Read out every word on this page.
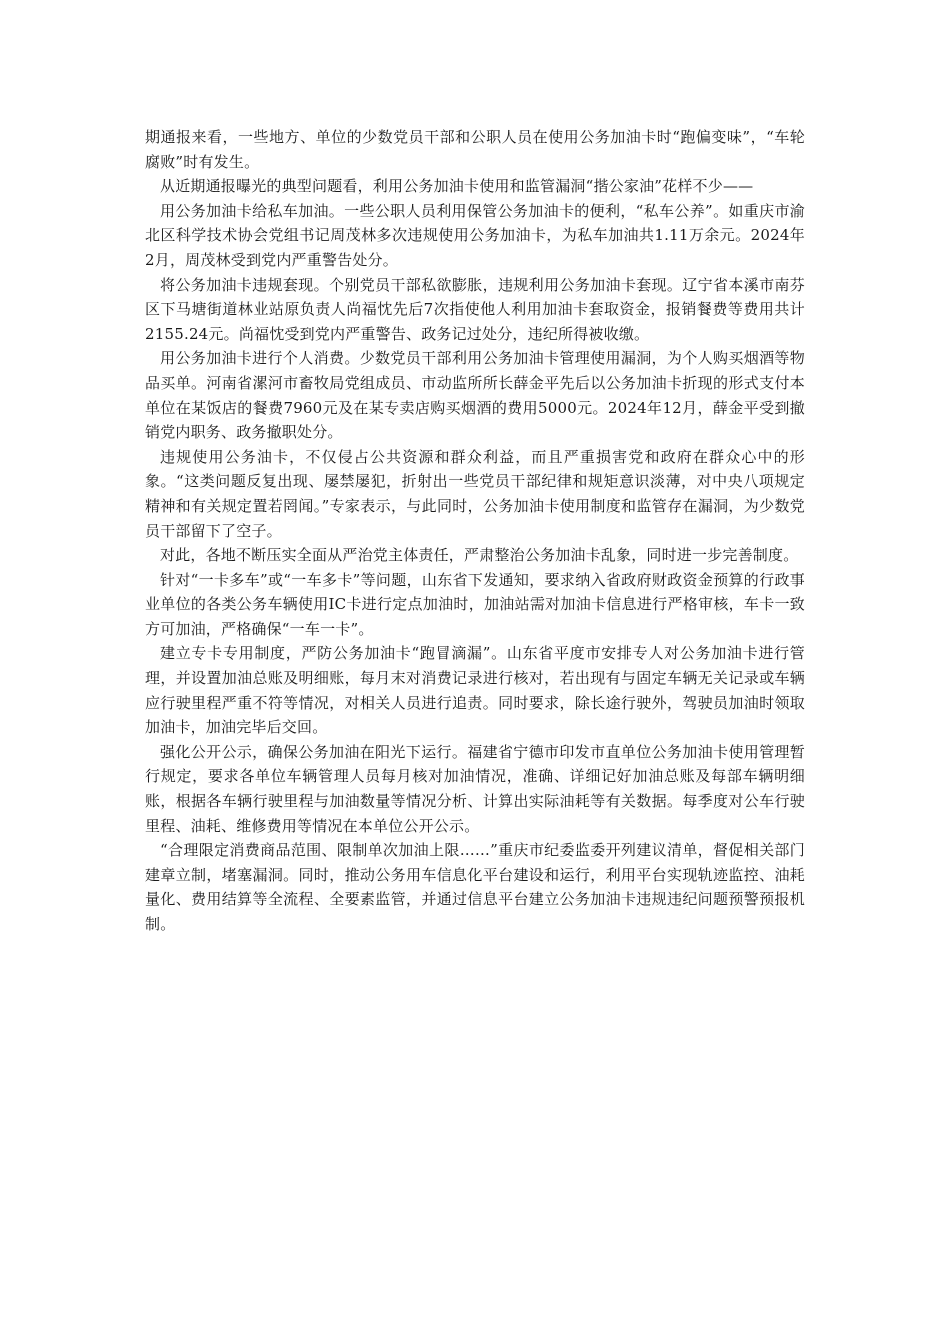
期通报来看，一些地方、单位的少数党员干部和公职人员在使用公务加油卡时“跑偏变味”，“车轮腐败”时有发生。

从近期通报曝光的典型问题看，利用公务加油卡使用和监管漏洞“揩公家油”花样不少——

用公务加油卡给私车加油。一些公职人员利用保管公务加油卡的便利，“私车公养”。如重庆市渝北区科学技术协会党组书记周茂林多次违规使用公务加油卡，为私车加油共1.11万余元。2024年2月，周茂林受到党内严重警告处分。

将公务加油卡违规套现。个别党员干部私欲膨胀，违规利用公务加油卡套现。辽宁省本溪市南芬区下马塘街道林业站原负责人尚福忱先后7次指使他人利用加油卡套取资金，报销餐费等费用共计2155.24元。尚福忱受到党内严重警告、政务记过处分，违纪所得被收缴。

用公务加油卡进行个人消费。少数党员干部利用公务加油卡管理使用漏洞，为个人购买烟酒等物品买单。河南省漯河市畜牧局党组成员、市动监所所长薛金平先后以公务加油卡折现的形式支付本单位在某饭店的餐费7960元及在某专卖店购买烟酒的费用5000元。2024年12月，薛金平受到撤销党内职务、政务撤职处分。

违规使用公务油卡，不仅侵占公共资源和群众利益，而且严重损害党和政府在群众心中的形象。“这类问题反复出现、屡禁屡犯，折射出一些党员干部纪律和规矩意识淡薄，对中央八项规定精神和有关规定置若罔闻。”专家表示，与此同时，公务加油卡使用制度和监管存在漏洞，为少数党员干部留下了空子。

对此，各地不断压实全面从严治党主体责任，严肃整治公务加油卡乱象，同时进一步完善制度。

针对“一卡多车”或“一车多卡”等问题，山东省下发通知，要求纳入省政府财政资金预算的行政事业单位的各类公务车辆使用IC卡进行定点加油时，加油站需对加油卡信息进行严格审核，车卡一致方可加油，严格确保“一车一卡”。

建立专卡专用制度，严防公务加油卡“跑冒滴漏”。山东省平度市安排专人对公务加油卡进行管理，并设置加油总账及明细账，每月末对消费记录进行核对，若出现有与固定车辆无关记录或车辆应行驶里程严重不符等情况，对相关人员进行追责。同时要求，除长途行驶外，驾驶员加油时领取加油卡，加油完毕后交回。

强化公开公示，确保公务加油在阳光下运行。福建省宁德市印发市直单位公务加油卡使用管理暂行规定，要求各单位车辆管理人员每月核对加油情况，准确、详细记好加油总账及每部车辆明细账，根据各车辆行驶里程与加油数量等情况分析、计算出实际油耗等有关数据。每季度对公车行驶里程、油耗、维修费用等情况在本单位公开公示。

“合理限定消费商品范围、限制单次加油上限……”重庆市纪委监委开列建议清单，督促相关部门建章立制，堵塞漏洞。同时，推动公务用车信息化平台建设和运行，利用平台实现轨迹监控、油耗量化、费用结算等全流程、全要素监管，并通过信息平台建立公务加油卡违规违纪问题预警预报机制。
